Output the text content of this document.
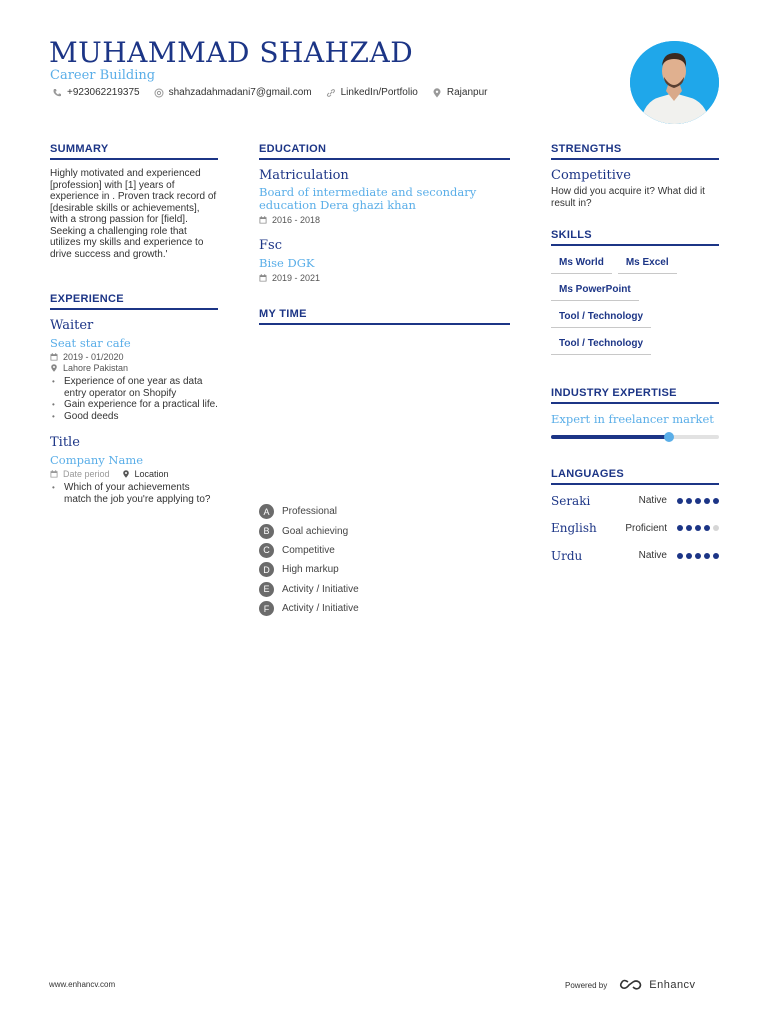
MUHAMMAD SHAHZAD
Career Building
+923062219375	shahzadahmadani7@gmail.com	LinkedIn/Portfolio	Rajanpur
SUMMARY
Highly motivated and experienced [profession] with [1] years of experience in . Proven track record of [desirable skills or achievements], with a strong passion for [field]. Seeking a challenging role that utilizes my skills and experience to drive success and growth.'
EXPERIENCE
Waiter
Seat star cafe
2019 - 01/2020
Lahore Pakistan
• Experience of one year as data entry operator on Shopify
• Gain experience for a practical life.
• Good deeds
Title
Company Name
Date period	Location
• Which of your achievements match the job you're applying to?
EDUCATION
Matriculation
Board of intermediate and secondary education Dera ghazi khan
2016 - 2018
Fsc
Bise DGK
2019 - 2021
MY TIME
A	Professional
B	Goal achieving
C	Competitive
D	High markup
E	Activity / Initiative
F	Activity / Initiative
STRENGTHS
Competitive
How did you acquire it? What did it result in?
SKILLS
Ms World Ms Excel
Ms PowerPoint
Tool / Technology
Tool / Technology
INDUSTRY EXPERTISE
Expert in freelancer market
LANGUAGES
Seraki	Native
English	Proficient
Urdu	Native
www.enhancv.com	Powered by	Enhancv
